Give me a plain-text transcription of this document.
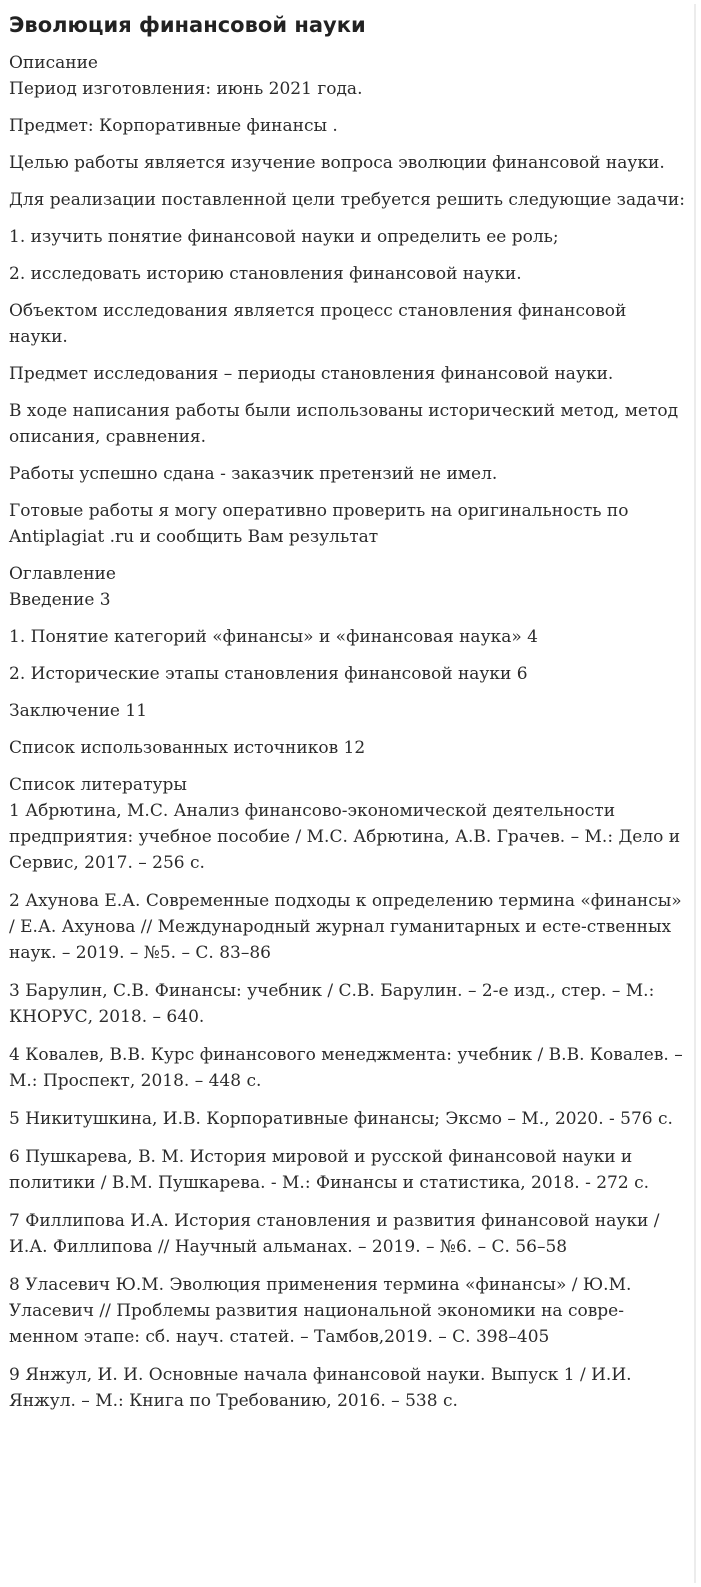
Эволюция финансовой науки
Описание

Период изготовления: июнь 2021 года.

Предмет: Корпоративные финансы .

Целью работы является изучение вопроса эволюции финансовой науки.

Для реализации поставленной цели требуется решить следующие задачи:

1. изучить понятие финансовой науки и определить ее роль;

2. исследовать историю становления финансовой науки.

Объектом исследования является процесс становления финансовой науки.

Предмет исследования – периоды становления финансовой науки.

В ходе написания работы были использованы исторический метод, метод описания, сравнения.

Работы успешно сдана - заказчик претензий не имел.

Готовые работы я могу оперативно проверить на оригинальность по Antiplagiat .ru и сообщить Вам результат

Оглавление

Введение 3

1. Понятие категорий «финансы» и «финансовая наука» 4

2. Исторические этапы становления финансовой науки 6

Заключение 11

Список использованных источников 12

Список литературы

1 Абрютина, М.С. Анализ финансово-экономической деятельности предприятия: учебное пособие / М.С. Абрютина, А.В. Грачев. – М.: Дело и Сервис, 2017. – 256 с.

2 Ахунова Е.А. Современные подходы к определению термина «финансы» / Е.А. Ахунова // Международный журнал гуманитарных и есте-ственных наук. – 2019. – №5. – С. 83–86

3 Барулин, С.В. Финансы: учебник / С.В. Барулин. – 2-е изд., стер. – М.: КНОРУС, 2018. – 640.

4 Ковалев, В.В. Курс финансового менеджмента: учебник / В.В. Ковалев. – М.: Проспект, 2018. – 448 с.

5 Никитушкина, И.В. Корпоративные финансы; Эксмо – М., 2020. - 576 с.

6 Пушкарева, В. М. История мировой и русской финансовой науки и политики / В.М. Пушкарева. - М.: Финансы и статистика, 2018. - 272 с.

7 Филлипова И.А. История становления и развития финансовой науки / И.А. Филлипова // Научный альманах. – 2019. – №6. – С. 56–58

8 Уласевич Ю.М. Эволюция применения термина «финансы» / Ю.М. Уласевич // Проблемы развития национальной экономики на совре-менном этапе: сб. науч. статей. – Тамбов,2019. – С. 398–405

9 Янжул, И. И. Основные начала финансовой науки. Выпуск 1 / И.И. Янжул. – М.: Книга по Требованию, 2016. – 538 с.
